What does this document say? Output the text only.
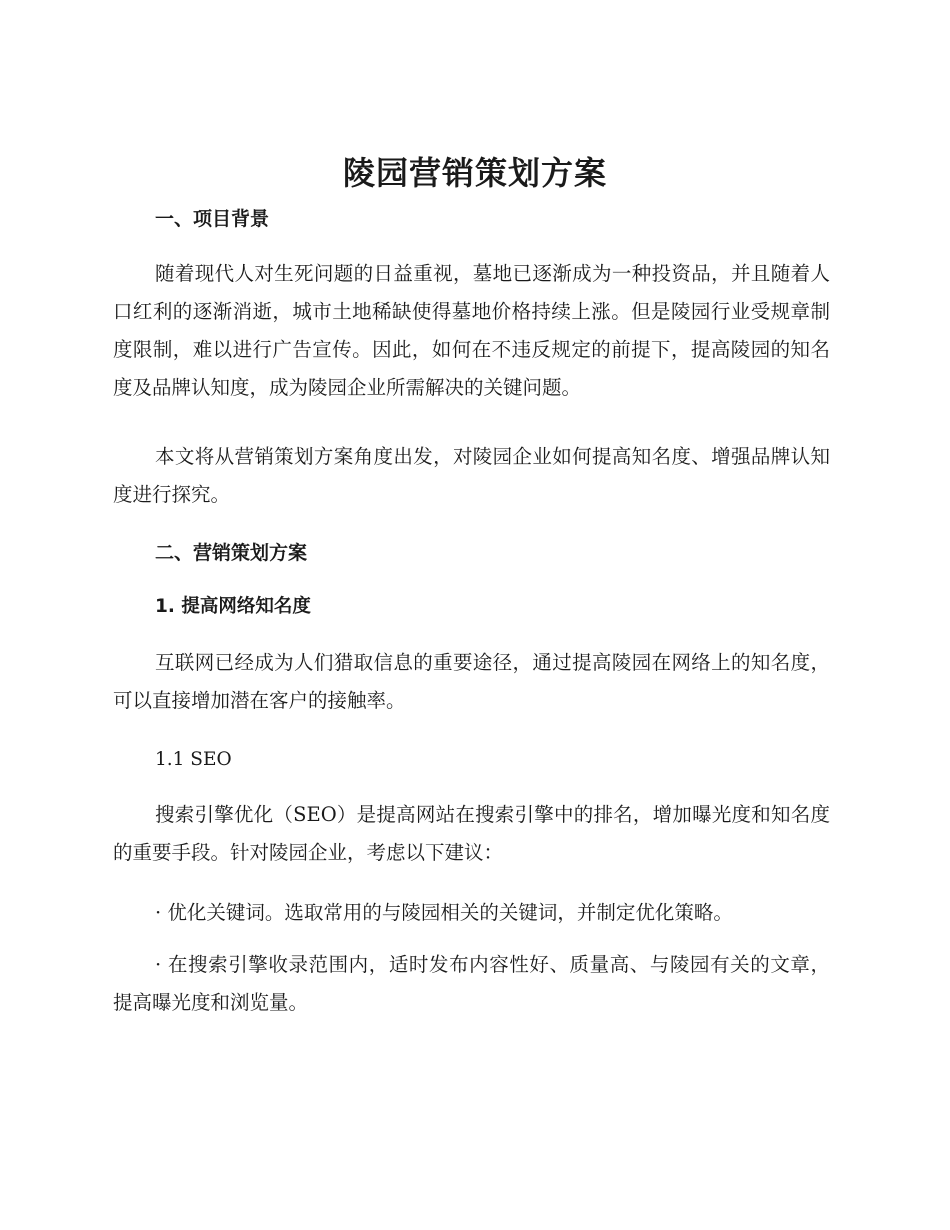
陵园营销策划方案

一、项目背景

随着现代人对生死问题的日益重视，墓地已逐渐成为一种投资品，并且随着人口红利的逐渐消逝，城市土地稀缺使得墓地价格持续上涨。但是陵园行业受规章制度限制，难以进行广告宣传。因此，如何在不违反规定的前提下，提高陵园的知名度及品牌认知度，成为陵园企业所需解决的关键问题。

本文将从营销策划方案角度出发，对陵园企业如何提高知名度、增强品牌认知度进行探究。

二、营销策划方案

1. 提高网络知名度

互联网已经成为人们猎取信息的重要途径，通过提高陵园在网络上的知名度，可以直接增加潜在客户的接触率。

1.1 SEO

搜索引擎优化（SEO）是提高网站在搜索引擎中的排名，增加曝光度和知名度的重要手段。针对陵园企业，考虑以下建议：

· 优化关键词。选取常用的与陵园相关的关键词，并制定优化策略。

· 在搜索引擎收录范围内，适时发布内容性好、质量高、与陵园有关的文章，提高曝光度和浏览量。
